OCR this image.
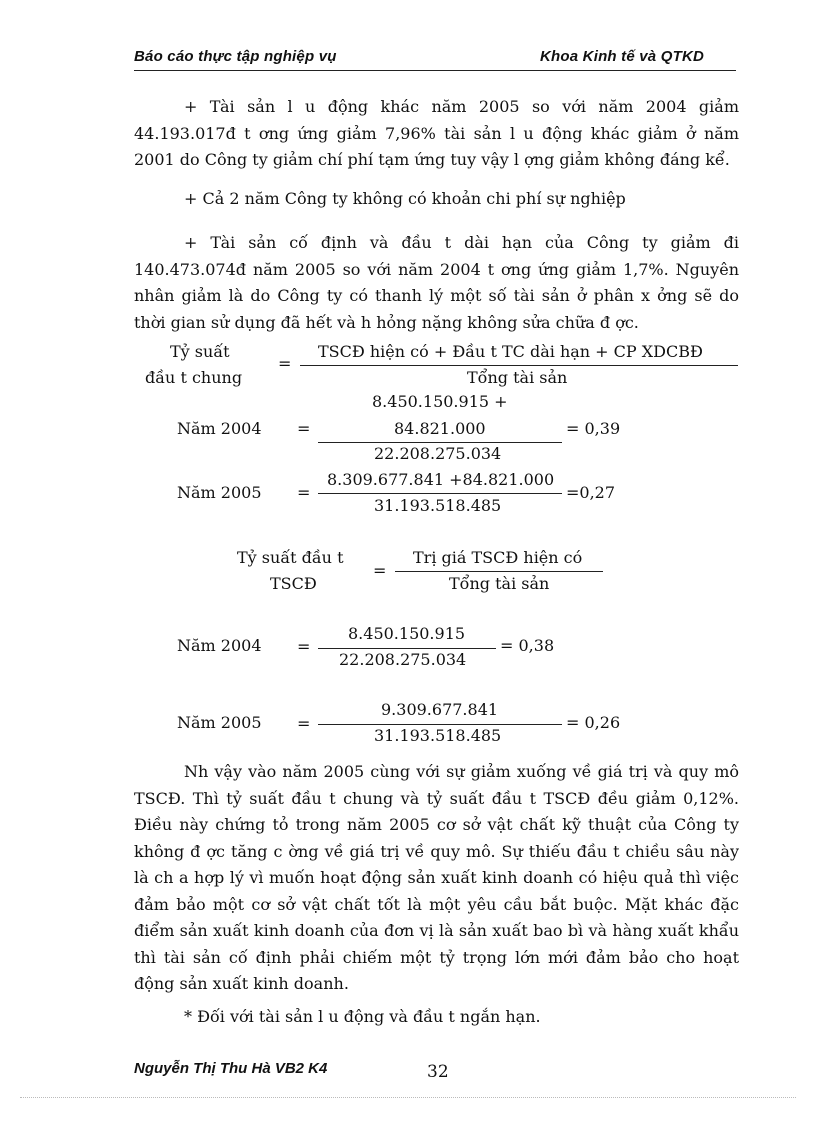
Báo cáo thực tập nghiệp vụ	Khoa Kinh tế và QTKD

+ Tài sản l u động khác năm 2005 so với năm 2004 giảm 44.193.017đ t ơng ứng giảm 7,96% tài sản l u động khác giảm ở năm 2001 do Công ty giảm chí phí tạm ứng tuy vậy l ợng giảm không đáng kể.

+ Cả 2 năm Công ty không có khoản chi phí sự nghiệp

+ Tài sản cố định và đầu t dài hạn của Công ty giảm đi 140.473.074đ năm 2005 so với năm 2004 t ơng ứng giảm 1,7%. Nguyên nhân giảm là do Công ty có thanh lý một số tài sản ở phân x ởng sẽ do thời gian sử dụng đã hết và h hỏng nặng không sửa chữa đ ợc.

Tỷ suất
đầu t chung
=
TSCĐ hiện có + Đầu t TC dài hạn + CP XDCBĐ
Tổng tài sản
Năm 2004 =
8.450.150.915 +
84.821.000
22.208.275.034
= 0,39
Năm 2005 =
8.309.677.841 +84.821.000
31.193.518.485
=0,27
Tỷ suất đầu t
TSCĐ
=
Trị giá TSCĐ hiện có
Tổng tài sản
Năm 2004 =
8.450.150.915
22.208.275.034
= 0,38
Năm 2005 =
9.309.677.841
31.193.518.485
= 0,26

Nh vậy vào năm 2005 cùng với sự giảm xuống về giá trị và quy mô TSCĐ. Thì tỷ suất đầu t chung và tỷ suất đầu t TSCĐ đều giảm 0,12%. Điều này chứng tỏ trong năm 2005 cơ sở vật chất kỹ thuật của Công ty không đ ợc tăng c ờng về giá trị về quy mô. Sự thiếu đầu t chiều sâu này là ch a hợp lý vì muốn hoạt động sản xuất kinh doanh có hiệu quả thì việc đảm bảo một cơ sở vật chất tốt là một yêu cầu bắt buộc. Mặt khác đặc điểm sản xuất kinh doanh của đơn vị là sản xuất bao bì và hàng xuất khẩu thì tài sản cố định phải chiếm một tỷ trọng lớn mới đảm bảo cho hoạt động sản xuất kinh doanh.

* Đối với tài sản l u động và đầu t ngắn hạn.

Nguyễn Thị Thu Hà VB2 K4	32
